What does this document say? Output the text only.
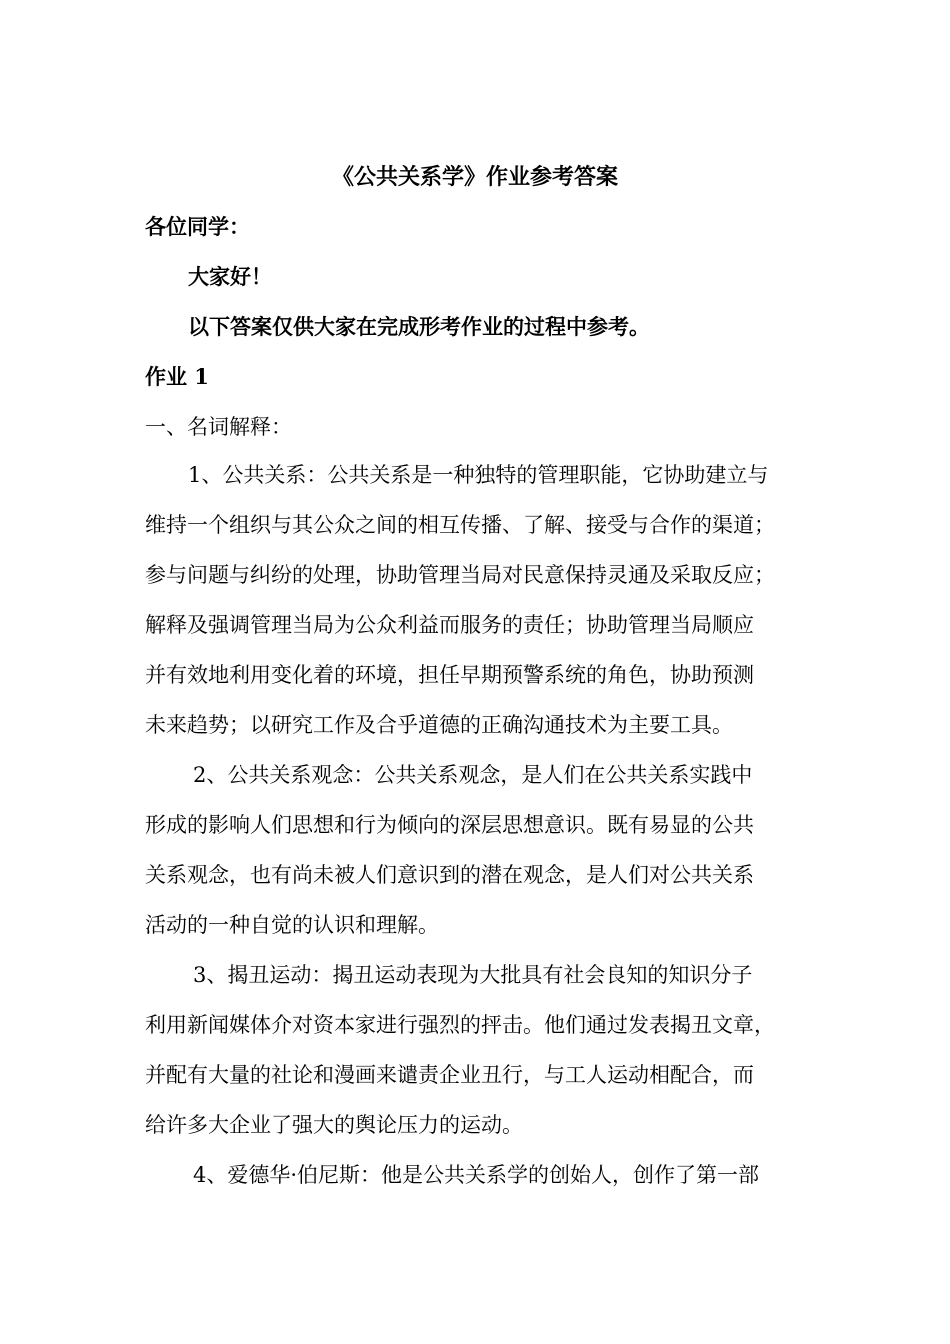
《公共关系学》作业参考答案
各位同学：
大家好！
以下答案仅供大家在完成形考作业的过程中参考。
作业 1
一、名词解释：
1、公共关系：公共关系是一种独特的管理职能，它协助建立与
维持一个组织与其公众之间的相互传播、了解、接受与合作的渠道；
参与问题与纠纷的处理，协助管理当局对民意保持灵通及采取反应；
解释及强调管理当局为公众利益而服务的责任；协助管理当局顺应
并有效地利用变化着的环境，担任早期预警系统的角色，协助预测
未来趋势；以研究工作及合乎道德的正确沟通技术为主要工具。
2、公共关系观念：公共关系观念，是人们在公共关系实践中
形成的影响人们思想和行为倾向的深层思想意识。既有易显的公共
关系观念，也有尚未被人们意识到的潜在观念，是人们对公共关系
活动的一种自觉的认识和理解。
3、揭丑运动：揭丑运动表现为大批具有社会良知的知识分子
利用新闻媒体介对资本家进行强烈的抨击。他们通过发表揭丑文章，
并配有大量的社论和漫画来谴责企业丑行，与工人运动相配合，而
给许多大企业了强大的舆论压力的运动。
4、爱德华·伯尼斯：他是公共关系学的创始人，创作了第一部
